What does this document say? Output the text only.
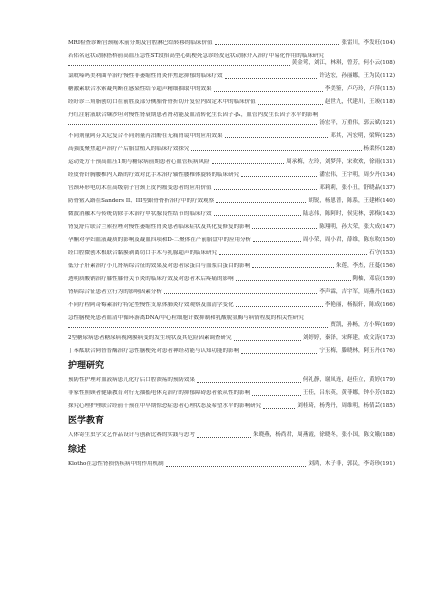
MRI检查诊断宫颈癌术前分期及宫腔淋巴结转移的临床价值	张雷川，李发旺(104)
若佑名冠状动脉搭桥前高血压急性ST段抬高型心肌梗死急诊经皮冠状动脉介入治疗中易化作用的临床研究
黄金莺，刘江，林琪，曾芳，何小云(108)
氯吡嗪吗美利曲辛治疗慢性非萎缩性胃炎伴焦虑抑郁的临床疗效	许达宏，孙丽娜，王为民(112)
糖激素联合水索凝判断在感染性结节超声精细抽取中的效果	李美鉴，卢巧玲，卢萍(115)
经盱诊三角脂创切口在前胜及部分侧胎骨骨折切开复位内固定术中的临床价值	赵世九，代建川，王竣(118)
丹红注射液联合缬沙坦对慢性肾衰期患者肾功能及血清转化生长因子-β₁，血管内皮生长因子水平的影响
汤宏平，万重伟，郭云斌(121)
不同剂量阿芬太尼复合不同剂量丙泊酚在无痛胃镜中的应用效果	邓其，冯宏明，梁辉(125)
高强度聚焦超声治疗产后胎盘植入的临床疗效探究	杨柔怀(128)
运动处方干预高血压1期与糖尿病前期患者心血管疾病风险	周承梅，左玲，刘梦萍，宋欢欢，徐雨(131)
经皮骨针胸腰椎内人路的疗效对比手术治疗轴性腰椎体旋转的临床研究	潘宏伟，王宇明，周少丹(134)
宫颈环形电切术在高级别子宫颈上皮内瘤变患者的应用价值	邓莉莉，张小丑，舒晓晶(137)
防骨鲎入路在Sanders II、III型跟骨骨折治疗中的疗效观察	胡锐，杨恩普，陈系，王建彬(140)
微波消融术与传统切除手术治疗甲状腺良性结节的临床疗效	陆志伟，陈阿时，侯宪林，郭梅(143)
肾复舒片联合兰索拉唑对慢性萎缩性胃炎患者临床症状及其化复修复的影响	陈翔明，孙大荣，张大成(147)
孕酮对孕妇血液凝质的影响及凝血四项和D-二聚体在产前胎盘中的应用分析	周小荣，周小君，薛维，陈东吹(150)
经口腔微创术根联合黏膜剥离切口手术与乳腺超声的临床研究	石守(153)
低分子肝素治疗小儿肾病综合征的效果及对患者尿蛋白与血浆白蛋白的影响	朱莲，李杰，汪蔓(156)
透明质酸钠治疗膝性膝骨关节炎的临床疗效及对患者术后疼痛的影响	陶柚，邓宸(159)
肾病综合征患者立行为的影响因素分析	李声霖，吉宇军，周燕丹(163)
不同疗程阿奇霉素治疗特定型慢性支原体肺炎疗效观察及血清学变化	李艳丽，杨振轩，陈成(166)
急性脑梗死患者血清中循环游离DNA/中心粒细胞计数抑制和乳酸脱氢酶与病情程度的相关性研究
贾凯，孙畅，方小辉(169)
2型糖尿病患者糖尿病视网膜病变的发生现状及其危险因素调查研究	刘婷婷，秦泽，宋辉建，成文涛(173)
丁苯酞联合阿替普酶治疗急性脑梗死对患者神经功能与认知功能的影响	宁玉梅，滕晓林，阿玉丹(176)
护理研究
预防性护理对血液病患儿化疗后口腔溃疡的预防效果	何礼静，谢凤连，赵佳立，黄婷(179)
非家性照顾者健康教育对行无抽搐电休克治疗的抑郁障碍患者依从性的影响	王佳，吕东英，黄菲娜，钟小芳(182)
探究心理护理联合经前干预在中早期惊恐症患者心理状态及希望水平的影响研究	刘桂琦，杨秀丹，周维明，杨倩芸(185)
医学教育
人体寄生虫学文艺作品设计与创新比赛的实践与思考	朱晓燕，杨尚君，周燕霞，徐晓冬，张小国，陈文娥(188)
综述
Klotho在急性肾损伤疾病中的作用机制	刘鸿，木子非，郭民，李奇珍(191)
